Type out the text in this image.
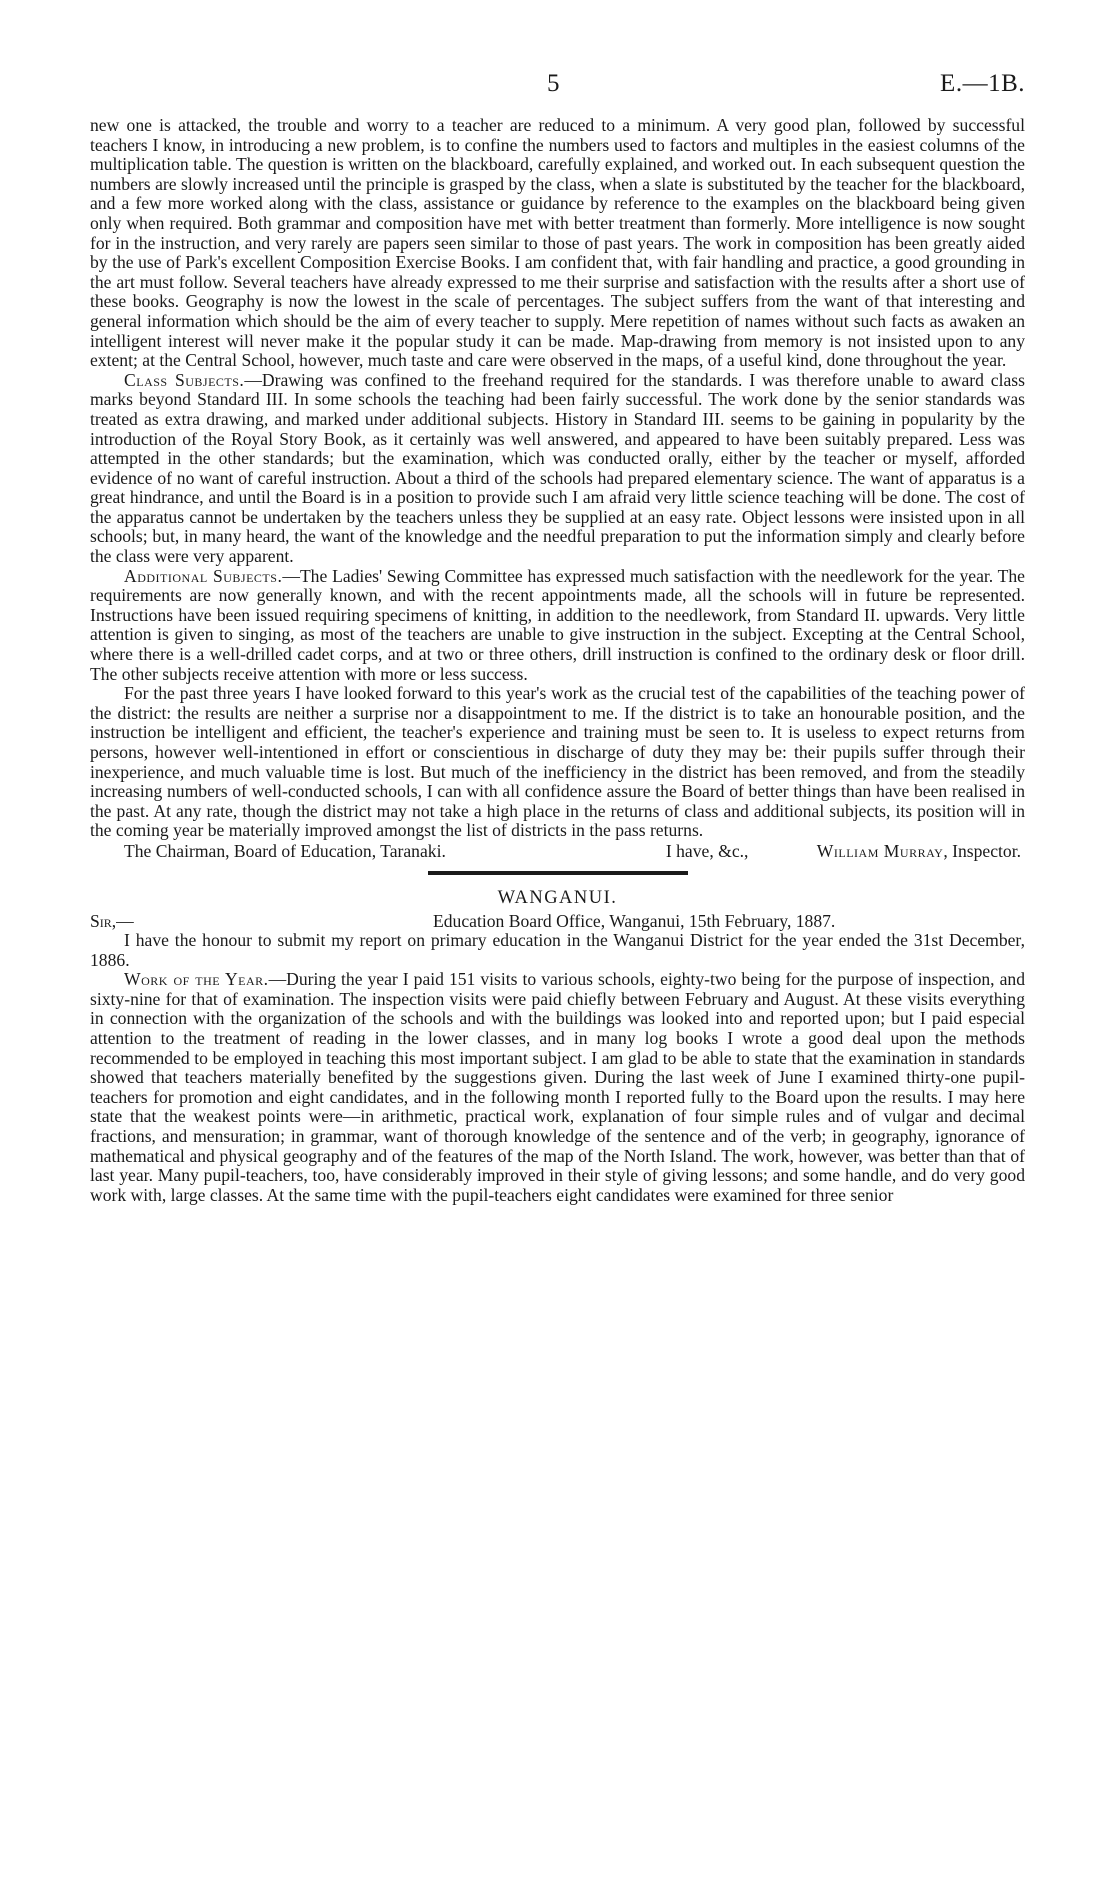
5	E.—1B.

new one is attacked, the trouble and worry to a teacher are reduced to a minimum. A very good plan, followed by successful teachers I know, in introducing a new problem, is to confine the numbers used to factors and multiples in the easiest columns of the multiplication table. The question is written on the blackboard, carefully explained, and worked out. In each subsequent question the numbers are slowly increased until the principle is grasped by the class, when a slate is substituted by the teacher for the blackboard, and a few more worked along with the class, assistance or guidance by reference to the examples on the blackboard being given only when required. Both grammar and composition have met with better treatment than formerly. More intelligence is now sought for in the instruction, and very rarely are papers seen similar to those of past years. The work in composition has been greatly aided by the use of Park's excellent Composition Exercise Books. I am confident that, with fair handling and practice, a good grounding in the art must follow. Several teachers have already expressed to me their surprise and satisfaction with the results after a short use of these books. Geography is now the lowest in the scale of percentages. The subject suffers from the want of that interesting and general information which should be the aim of every teacher to supply. Mere repetition of names without such facts as awaken an intelligent interest will never make it the popular study it can be made. Map-drawing from memory is not insisted upon to any extent; at the Central School, however, much taste and care were observed in the maps, of a useful kind, done throughout the year.

Class Subjects.—Drawing was confined to the freehand required for the standards. I was therefore unable to award class marks beyond Standard III. In some schools the teaching had been fairly successful. The work done by the senior standards was treated as extra drawing, and marked under additional subjects. History in Standard III. seems to be gaining in popularity by the introduction of the Royal Story Book, as it certainly was well answered, and appeared to have been suitably prepared. Less was attempted in the other standards; but the examination, which was conducted orally, either by the teacher or myself, afforded evidence of no want of careful instruction. About a third of the schools had prepared elementary science. The want of apparatus is a great hindrance, and until the Board is in a position to provide such I am afraid very little science teaching will be done. The cost of the apparatus cannot be undertaken by the teachers unless they be supplied at an easy rate. Object lessons were insisted upon in all schools; but, in many heard, the want of the knowledge and the needful preparation to put the information simply and clearly before the class were very apparent.

Additional Subjects.—The Ladies' Sewing Committee has expressed much satisfaction with the needlework for the year. The requirements are now generally known, and with the recent appointments made, all the schools will in future be represented. Instructions have been issued requiring specimens of knitting, in addition to the needlework, from Standard II. upwards. Very little attention is given to singing, as most of the teachers are unable to give instruction in the subject. Excepting at the Central School, where there is a well-drilled cadet corps, and at two or three others, drill instruction is confined to the ordinary desk or floor drill. The other subjects receive attention with more or less success.

For the past three years I have looked forward to this year's work as the crucial test of the capabilities of the teaching power of the district: the results are neither a surprise nor a disappointment to me. If the district is to take an honourable position, and the instruction be intelligent and efficient, the teacher's experience and training must be seen to. It is useless to expect returns from persons, however well-intentioned in effort or conscientious in discharge of duty they may be: their pupils suffer through their inexperience, and much valuable time is lost. But much of the inefficiency in the district has been removed, and from the steadily increasing numbers of well-conducted schools, I can with all confidence assure the Board of better things than have been realised in the past. At any rate, though the district may not take a high place in the returns of class and additional subjects, its position will in the coming year be materially improved amongst the list of districts in the pass returns.

The Chairman, Board of Education, Taranaki.	I have, &c.,	William Murray, Inspector.
WANGANUI.
Sir,—	Education Board Office, Wanganui, 15th February, 1887.

I have the honour to submit my report on primary education in the Wanganui District for the year ended the 31st December, 1886.

Work of the Year.—During the year I paid 151 visits to various schools, eighty-two being for the purpose of inspection, and sixty-nine for that of examination. The inspection visits were paid chiefly between February and August. At these visits everything in connection with the organization of the schools and with the buildings was looked into and reported upon; but I paid especial attention to the treatment of reading in the lower classes, and in many log books I wrote a good deal upon the methods recommended to be employed in teaching this most important subject. I am glad to be able to state that the examination in standards showed that teachers materially benefited by the suggestions given. During the last week of June I examined thirty-one pupil-teachers for promotion and eight candidates, and in the following month I reported fully to the Board upon the results. I may here state that the weakest points were—in arithmetic, practical work, explanation of four simple rules and of vulgar and decimal fractions, and mensuration; in grammar, want of thorough knowledge of the sentence and of the verb; in geography, ignorance of mathematical and physical geography and of the features of the map of the North Island. The work, however, was better than that of last year. Many pupil-teachers, too, have considerably improved in their style of giving lessons; and some handle, and do very good work with, large classes. At the same time with the pupil-teachers eight candidates were examined for three senior
